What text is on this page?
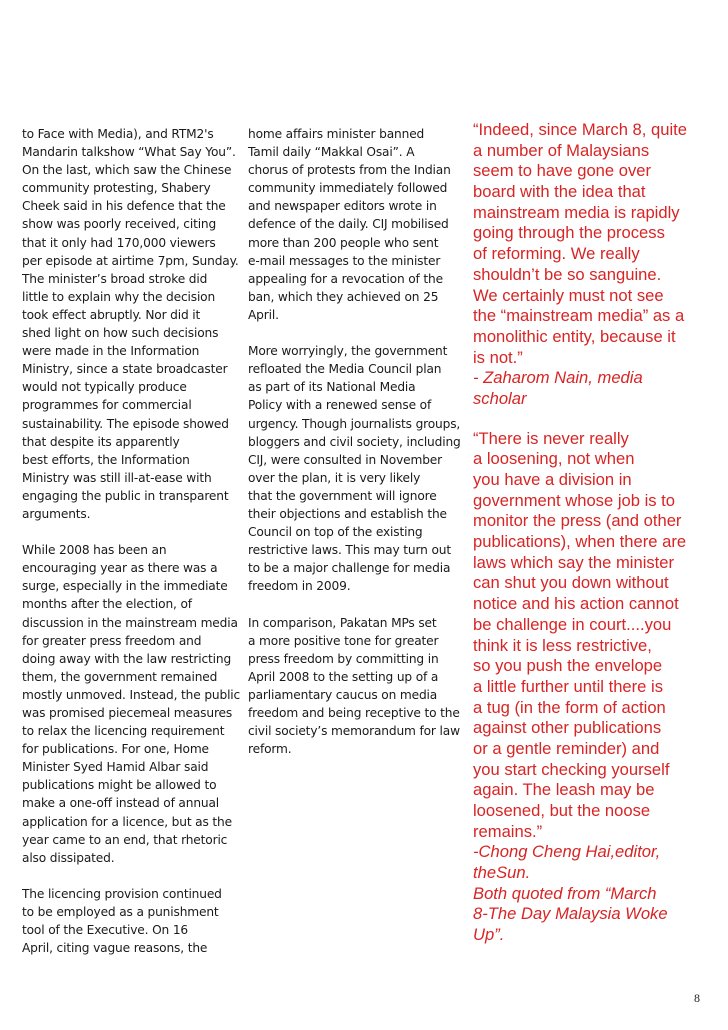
to Face with Media), and RTM2's
Mandarin talkshow “What Say You”.
On the last, which saw the Chinese
community protesting, Shabery
Cheek said in his defence that the
show was poorly received, citing
that it only had 170,000 viewers
per episode at airtime 7pm, Sunday.
The minister’s broad stroke did
little to explain why the decision
took effect abruptly. Nor did it
shed light on how such decisions
were made in the Information
Ministry, since a state broadcaster
would not typically produce
programmes for commercial
sustainability. The episode showed
that despite its apparently
best efforts, the Information
Ministry was still ill-at-ease with
engaging the public in transparent
arguments.
While 2008 has been an
encouraging year as there was a
surge, especially in the immediate
months after the election, of
discussion in the mainstream media
for greater press freedom and
doing away with the law restricting
them, the government remained
mostly unmoved. Instead, the public
was promised piecemeal measures
to relax the licencing requirement
for publications. For one, Home
Minister Syed Hamid Albar said
publications might be allowed to
make a one-off instead of annual
application for a licence, but as the
year came to an end, that rhetoric
also dissipated.
The licencing provision continued
to be employed as a punishment
tool of the Executive. On 16
April, citing vague reasons, the
home affairs minister banned
Tamil daily “Makkal Osai”. A
chorus of protests from the Indian
community immediately followed
and newspaper editors wrote in
defence of the daily. CIJ mobilised
more than 200 people who sent
e-mail messages to the minister
appealing for a revocation of the
ban, which they achieved on 25
April.
More worryingly, the government
refloated the Media Council plan
as part of its National Media
Policy with a renewed sense of
urgency. Though journalists groups,
bloggers and civil society, including
CIJ, were consulted in November
over the plan, it is very likely
that the government will ignore
their objections and establish the
Council on top of the existing
restrictive laws. This may turn out
to be a major challenge for media
freedom in 2009.
In comparison, Pakatan MPs set
a more positive tone for greater
press freedom by committing in
April 2008 to the setting up of a
parliamentary caucus on media
freedom and being receptive to the
civil society’s memorandum for law
reform.
“Indeed, since March 8, quite
a number of Malaysians
seem to have gone over
board with the idea that
mainstream media is rapidly
going through the process
of reforming. We really
shouldn’t be so sanguine.
We certainly must not see
the “mainstream media” as a
monolithic entity, because it
is not.”
- Zaharom Nain, media
scholar
“There is never really
a loosening, not when
you have a division in
government whose job is to
monitor the press (and other
publications), when there are
laws which say the minister
can shut you down without
notice and his action cannot
be challenge in court....you
think it is less restrictive,
so you push the envelope
a little further until there is
a tug (in the form of action
against other publications
or a gentle reminder) and
you start checking yourself
again. The leash may be
loosened, but the noose
remains.”
-Chong Cheng Hai,editor,
theSun.
Both quoted from “March
8-The Day Malaysia Woke
Up”.
8
